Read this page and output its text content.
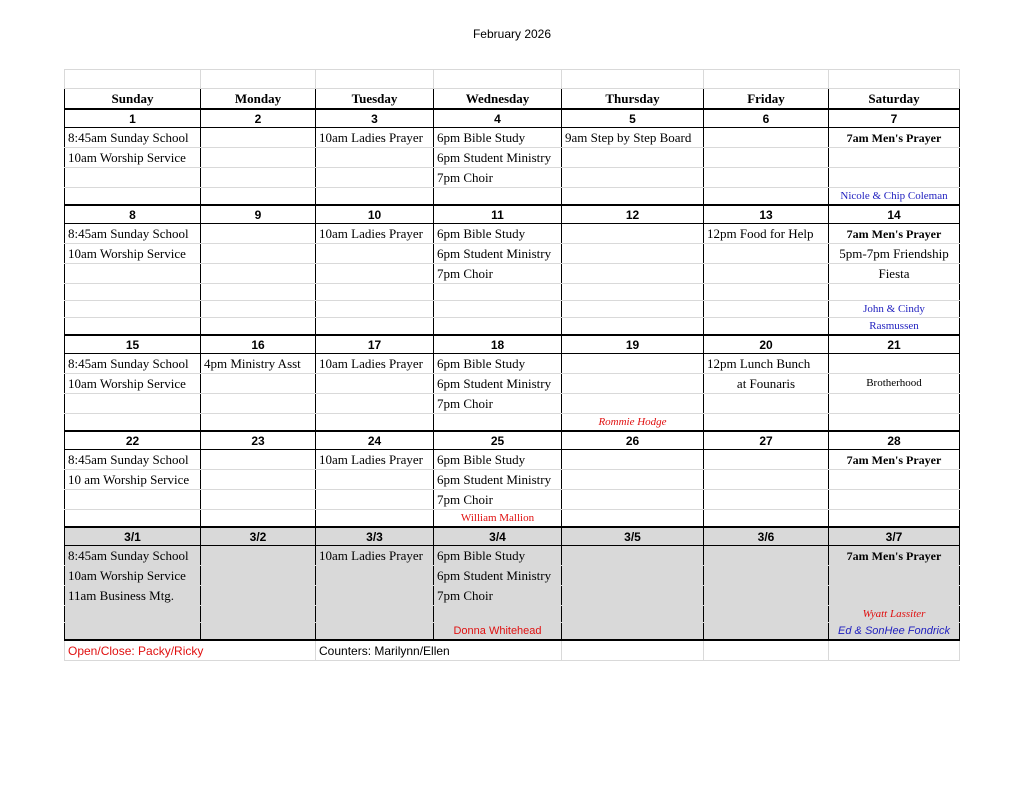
February 2026

Sunday	Monday	Tuesday	Wednesday	Thursday	Friday	Saturday
1	2	3	4	5	6	7
8:45am Sunday School		10am Ladies Prayer	6pm Bible Study	9am Step by Step Board		7am Men's Prayer
10am Worship Service			6pm Student Ministry			
			7pm Choir			
						Nicole & Chip Coleman
8	9	10	11	12	13	14
8:45am Sunday School		10am Ladies Prayer	6pm Bible Study		12pm Food for Help	7am Men's Prayer
10am Worship Service			6pm Student Ministry			5pm-7pm Friendship
			7pm Choir			Fiesta

						John & Cindy
						Rasmussen
15	16	17	18	19	20	21
8:45am Sunday School	4pm Ministry Asst	10am Ladies Prayer	6pm Bible Study		12pm Lunch Bunch	
10am Worship Service			6pm Student Ministry		at Founaris	Brotherhood
			7pm Choir			
				Rommie Hodge		
22	23	24	25	26	27	28
8:45am Sunday School		10am Ladies Prayer	6pm Bible Study			7am Men's Prayer
10 am Worship Service			6pm Student Ministry			
			7pm Choir			
			William Mallion			
3/1	3/2	3/3	3/4	3/5	3/6	3/7
8:45am Sunday School		10am Ladies Prayer	6pm Bible Study			7am Men's Prayer
10am Worship Service			6pm Student Ministry			
11am Business Mtg.			7pm Choir			
						Wyatt Lassiter
			Donna Whitehead			Ed & SonHee Fondrick
Open/Close: Packy/Ricky		Counters: Marilynn/Ellen				
